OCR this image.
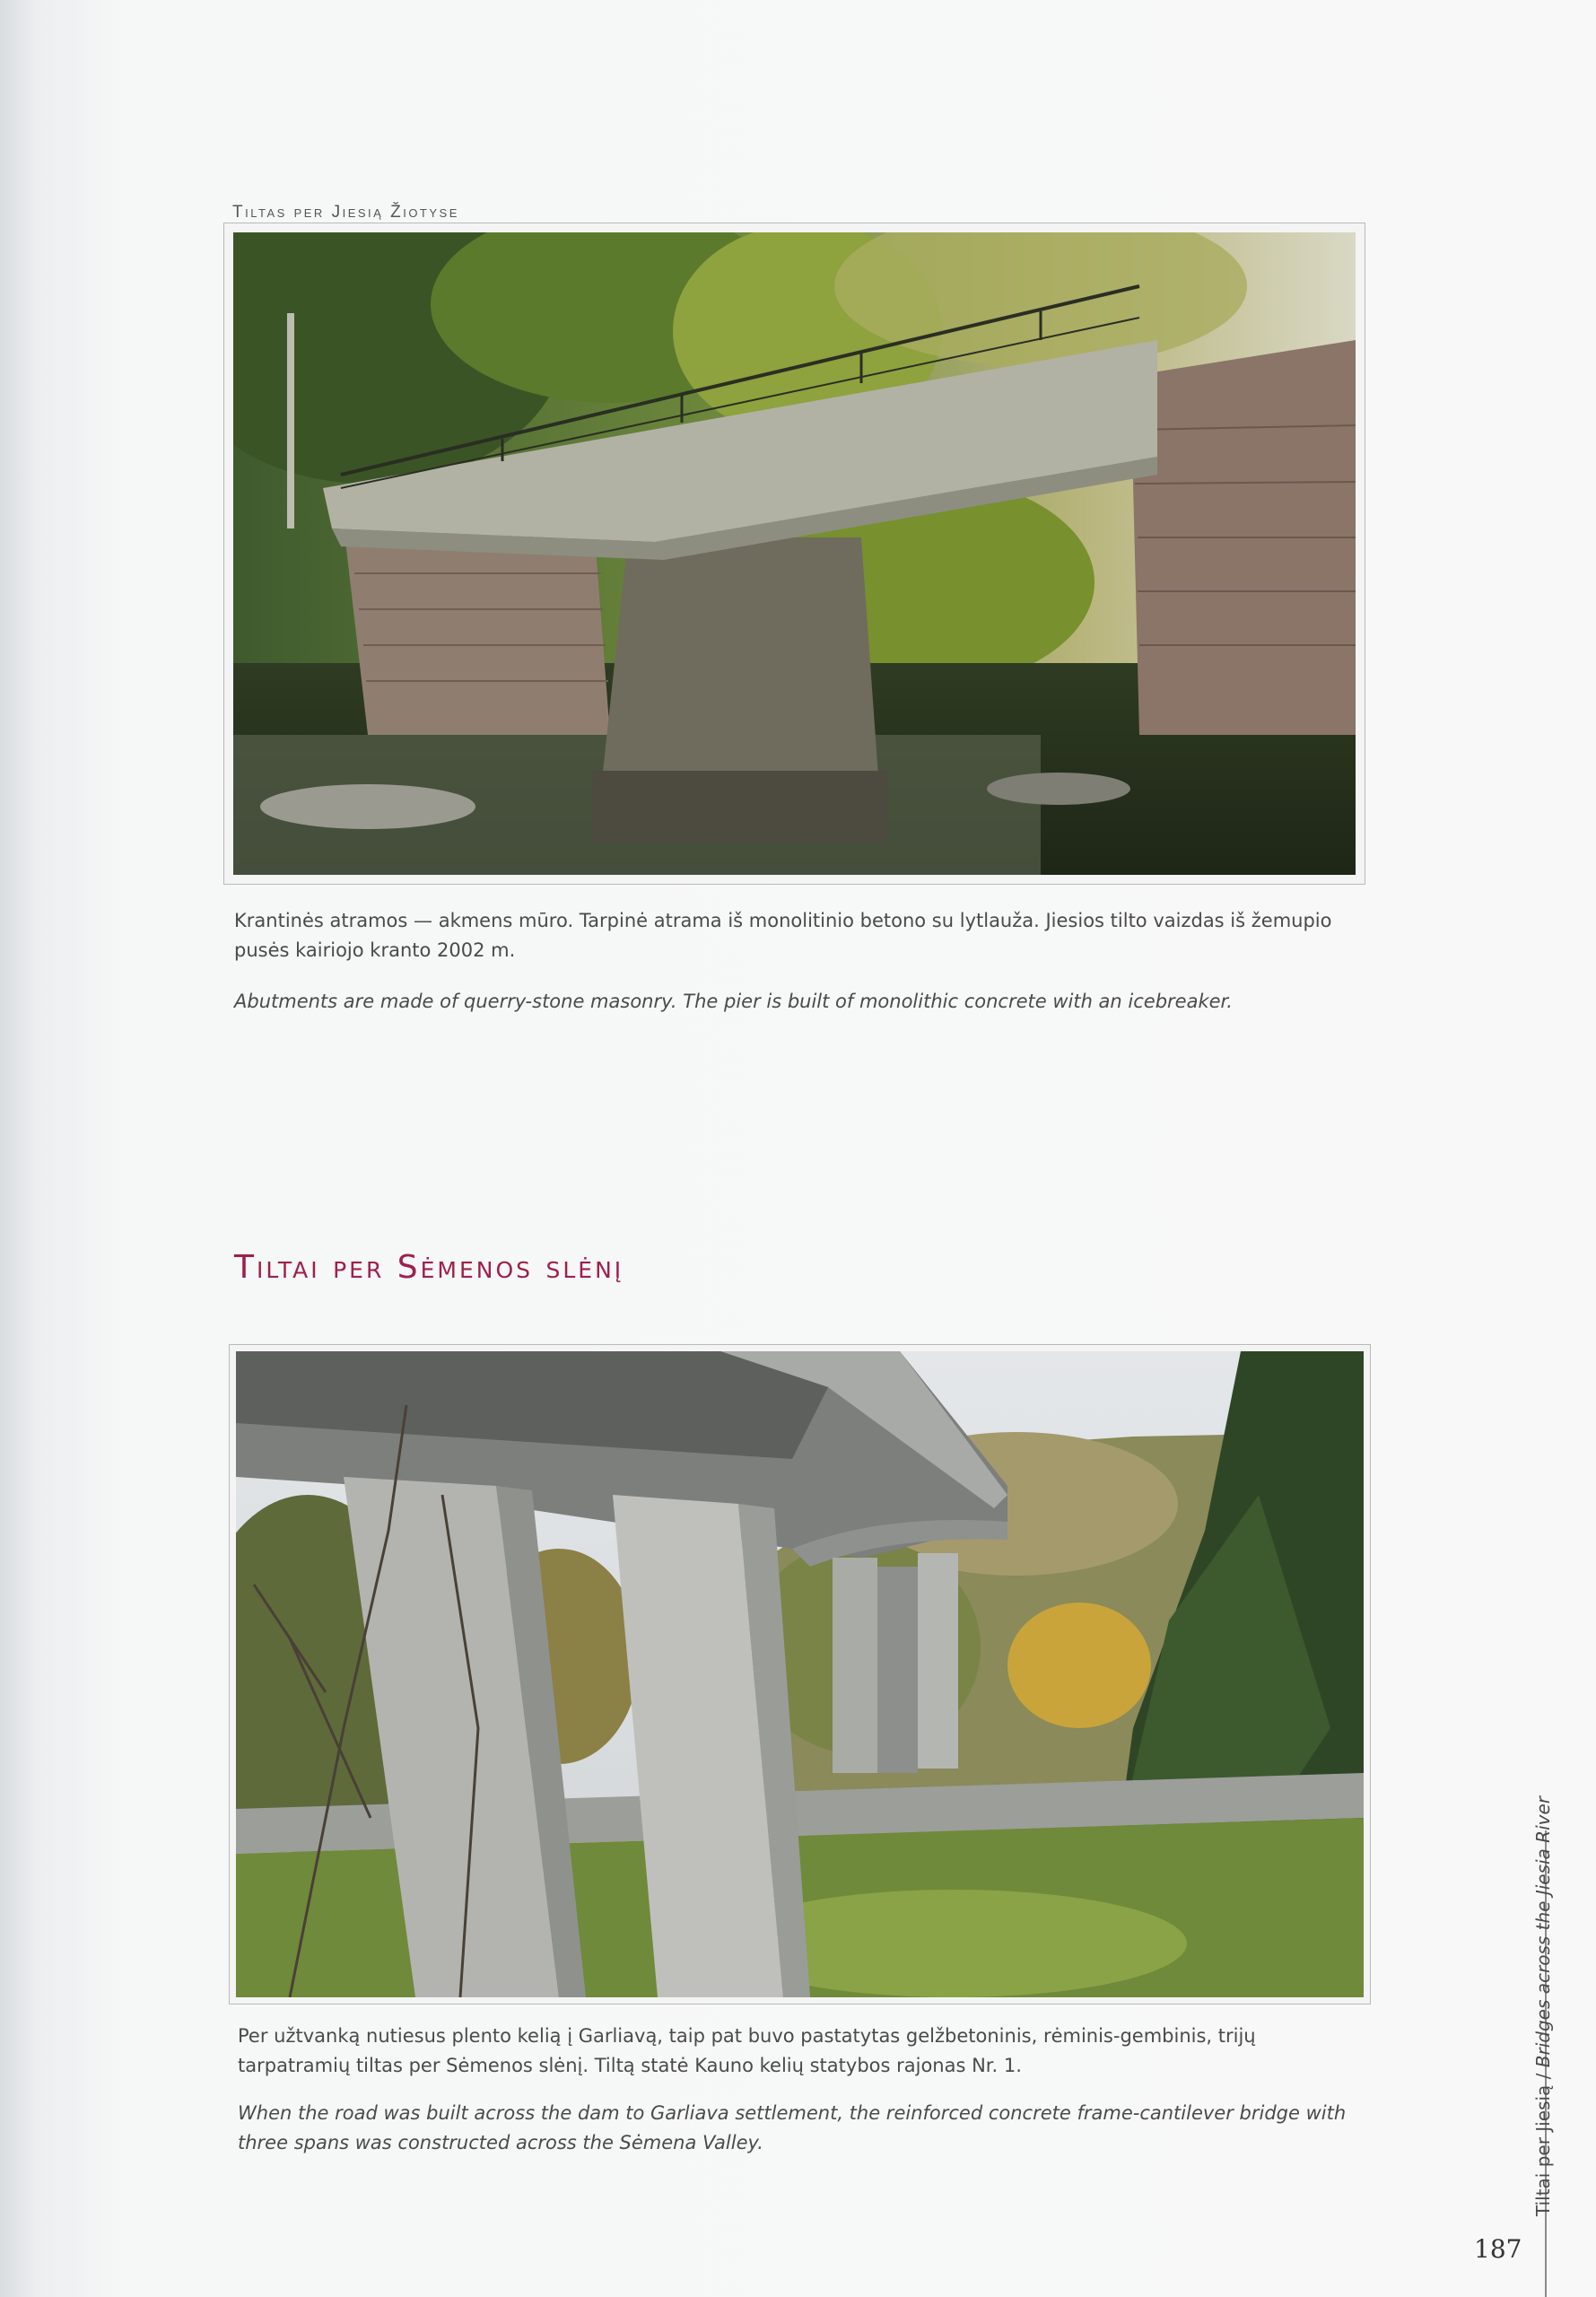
Tiltas per Jiesią Žiotyse
Krantinės atramos — akmens mūro. Tarpinė atrama iš monolitinio betono su lytlauža. Jiesios tilto vaizdas iš žemupio pusės kairiojo kranto 2002 m.
Abutments are made of querry-stone masonry. The pier is built of monolithic concrete with an icebreaker.
Tiltai per Sėmenos slėnį
Per užtvanką nutiesus plento kelią į Garliavą, taip pat buvo pastatytas gelžbetoninis, rėminis-gembinis, trijų tarpatramių tiltas per Sėmenos slėnį. Tiltą statė Kauno kelių statybos rajonas Nr. 1.
When the road was built across the dam to Garliava settlement, the reinforced concrete frame-cantilever bridge with three spans was constructed across the Sėmena Valley.	Tiltai per Jiesią / Bridges across the Jiesia River
187
